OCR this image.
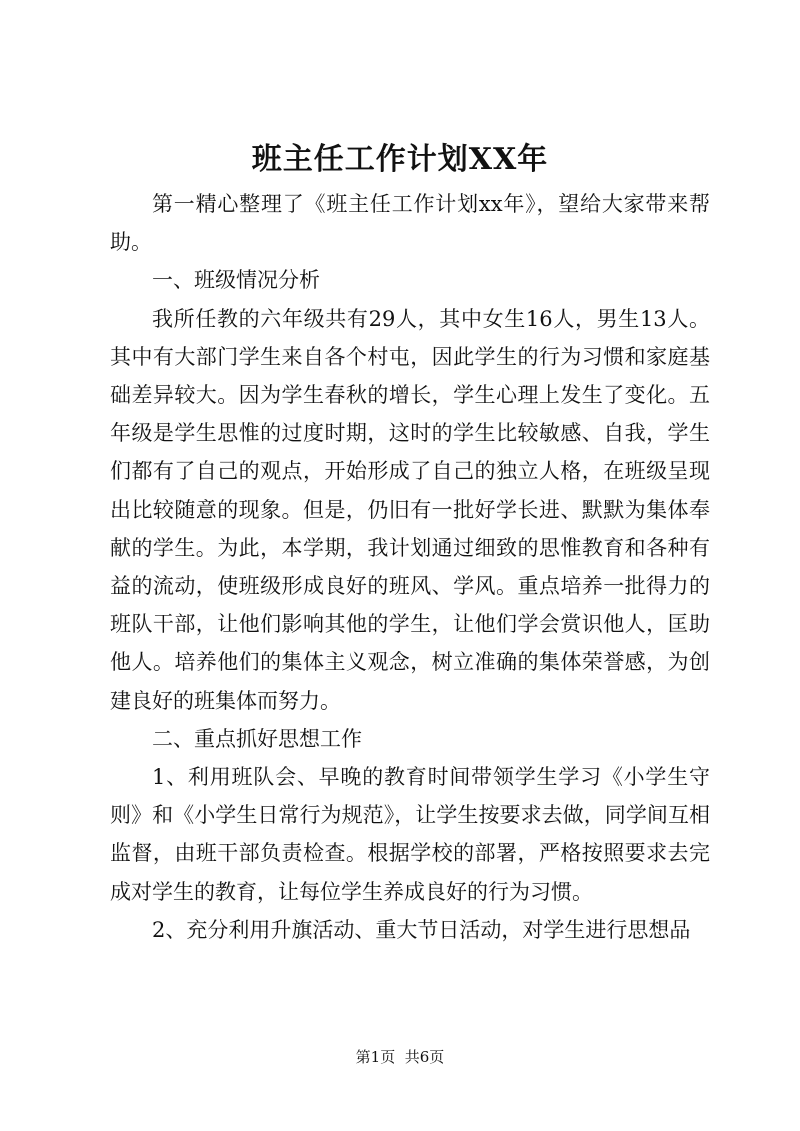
班主任工作计划XX年

第一精心整理了《班主任工作计划xx年》，望给大家带来帮助。

一、班级情况分析

我所任教的六年级共有29人，其中女生16人，男生13人。其中有大部门学生来自各个村屯，因此学生的行为习惯和家庭基础差异较大。因为学生春秋的增长，学生心理上发生了变化。五年级是学生思惟的过度时期，这时的学生比较敏感、自我，学生们都有了自己的观点，开始形成了自己的独立人格，在班级呈现出比较随意的现象。但是，仍旧有一批好学长进、默默为集体奉献的学生。为此，本学期，我计划通过细致的思惟教育和各种有益的流动，使班级形成良好的班风、学风。重点培养一批得力的班队干部，让他们影响其他的学生，让他们学会赏识他人，匡助他人。培养他们的集体主义观念，树立准确的集体荣誉感，为创建良好的班集体而努力。

二、重点抓好思想工作

1、利用班队会、早晚的教育时间带领学生学习《小学生守则》和《小学生日常行为规范》，让学生按要求去做，同学间互相监督，由班干部负责检查。根据学校的部署，严格按照要求去完成对学生的教育，让每位学生养成良好的行为习惯。

2、充分利用升旗活动、重大节日活动，对学生进行思想品

第1页 共6页
